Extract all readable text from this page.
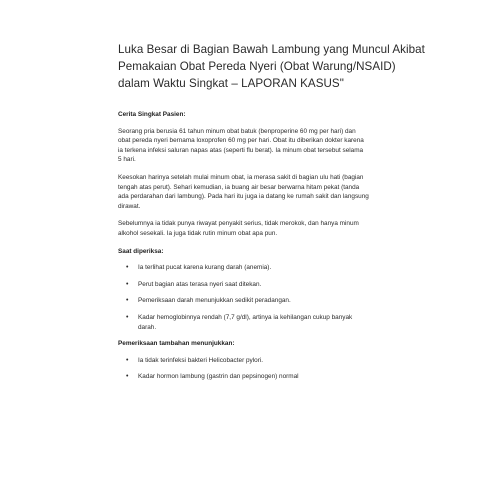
Luka Besar di Bagian Bawah Lambung yang Muncul Akibat
Pemakaian Obat Pereda Nyeri (Obat Warung/NSAID)
dalam Waktu Singkat – LAPORAN KASUS"
Cerita Singkat Pasien:
Seorang pria berusia 61 tahun minum obat batuk (benproperine 60 mg per hari) dan
obat pereda nyeri bernama loxoprofen 60 mg per hari. Obat itu diberikan dokter karena
ia terkena infeksi saluran napas atas (seperti flu berat). Ia minum obat tersebut selama
5 hari.
Keesokan harinya setelah mulai minum obat, ia merasa sakit di bagian ulu hati (bagian
tengah atas perut). Sehari kemudian, ia buang air besar berwarna hitam pekat (tanda
ada perdarahan dari lambung). Pada hari itu juga ia datang ke rumah sakit dan langsung
dirawat.
Sebelumnya ia tidak punya riwayat penyakit serius, tidak merokok, dan hanya minum
alkohol sesekali. Ia juga tidak rutin minum obat apa pun.
Saat diperiksa:
• Ia terlihat pucat karena kurang darah (anemia).
• Perut bagian atas terasa nyeri saat ditekan.
• Pemeriksaan darah menunjukkan sedikit peradangan.
• Kadar hemoglobinnya rendah (7,7 g/dl), artinya ia kehilangan cukup banyak
darah.
Pemeriksaan tambahan menunjukkan:
• Ia tidak terinfeksi bakteri Helicobacter pylori.
• Kadar hormon lambung (gastrin dan pepsinogen) normal
